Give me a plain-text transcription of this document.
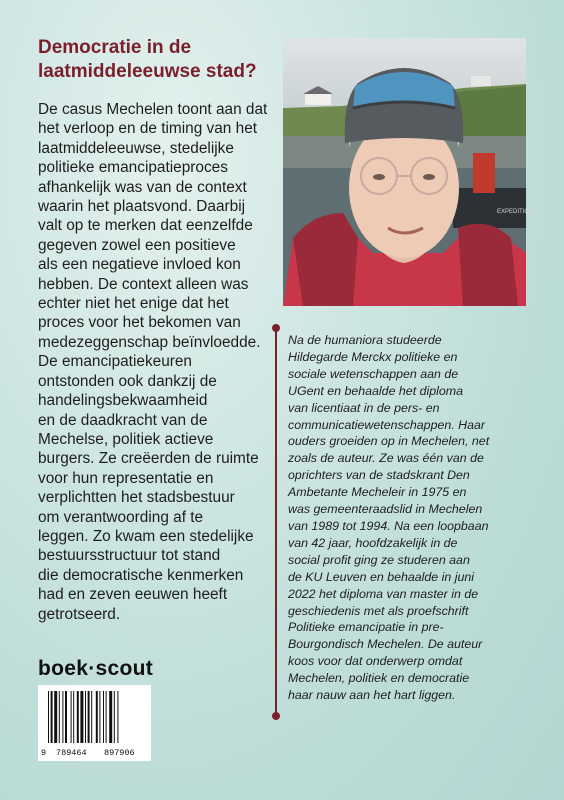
Democratie in de
laatmiddeleeuwse stad?
De casus Mechelen toont aan dat
het verloop en de timing van het
laatmiddeleeuwse, stedelijke
politieke emancipatieproces
afhankelijk was van de context
waarin het plaatsvond. Daarbij
valt op te merken dat eenzelfde
gegeven zowel een positieve
als een negatieve invloed kon
hebben. De context alleen was
echter niet het enige dat het
proces voor het bekomen van
medezeggenschap beïnvloedde.
De emancipatiekeuren
ontstonden ook dankzij de
handelingsbekwaamheid
en de daadkracht van de
Mechelse, politiek actieve
burgers. Ze creëerden de ruimte
voor hun representatie en
verplichtten het stadsbestuur
om verantwoording af te
leggen. Zo kwam een stedelijke
bestuursstructuur tot stand
die democratische kenmerken
had en zeven eeuwen heeft
getrotseerd.
EXPEDITIONS
Na de humaniora studeerde
Hildegarde Merckx politieke en
sociale wetenschappen aan de
UGent en behaalde het diploma
van licentiaat in de pers- en
communicatiewetenschappen. Haar
ouders groeiden op in Mechelen, net
zoals de auteur. Ze was één van de
oprichters van de stadskrant Den
Ambetante Mecheleir in 1975 en
was gemeenteraadslid in Mechelen
van 1989 tot 1994. Na een loopbaan
van 42 jaar, hoofdzakelijk in de
social profit ging ze studeren aan
de KU Leuven en behaalde in juni
2022 het diploma van master in de
geschiedenis met als proefschrift
Politieke emancipatie in pre-
Bourgondisch Mechelen. De auteur
koos voor dat onderwerp omdat
Mechelen, politiek en democratie
haar nauw aan het hart liggen.
boek·scout
9 789464 897906
